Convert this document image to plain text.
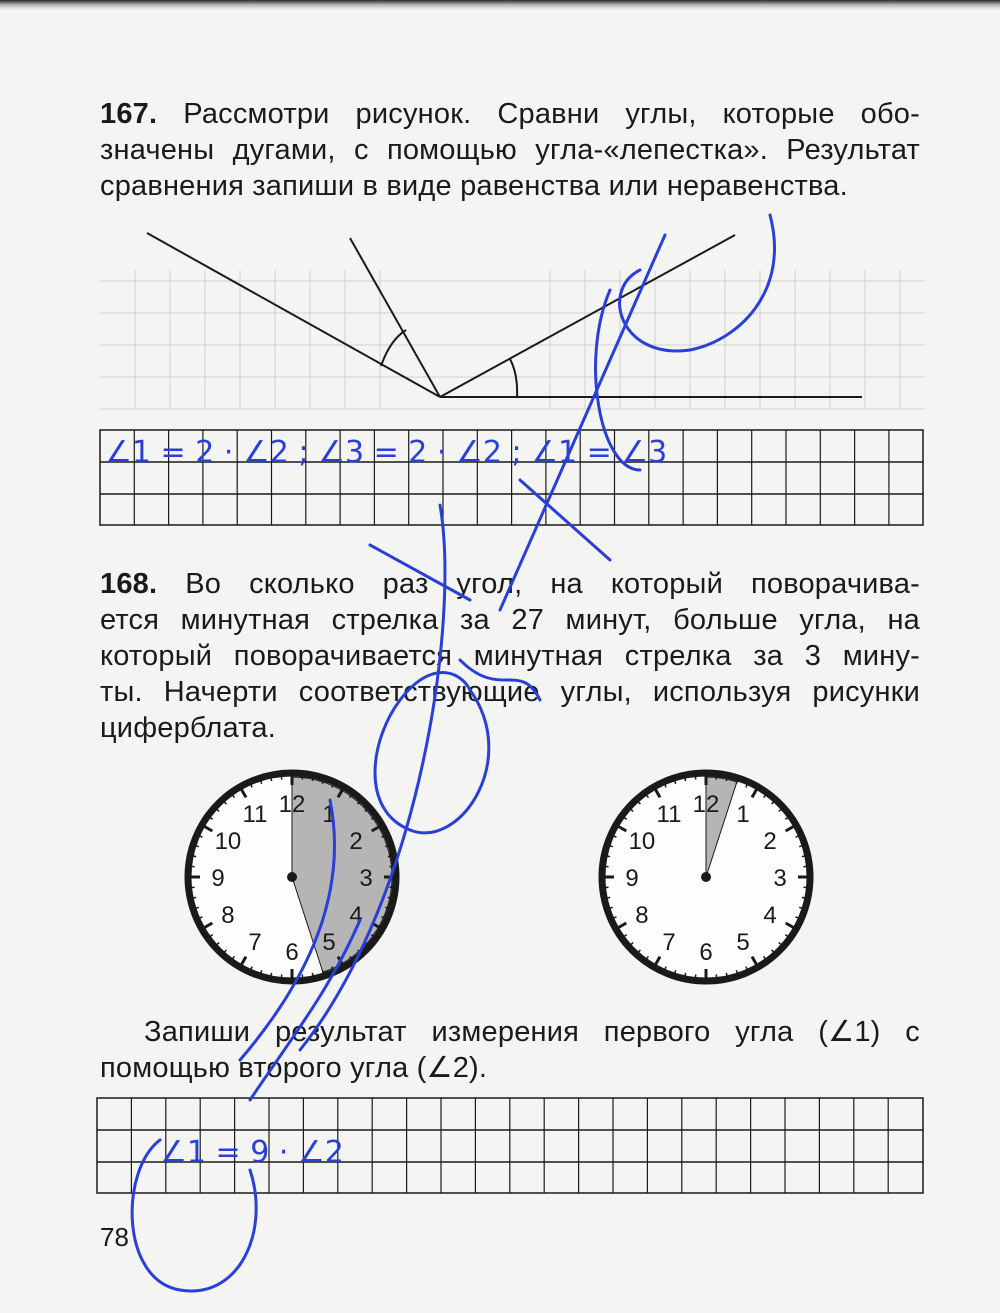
167. Рассмотри рисунок. Сравни углы, которые обо-
значены дугами, с помощью угла-«лепестка». Результат
сравнения запиши в виде равенства или неравенства.
168. Во сколько раз угол, на который поворачива-
ется минутная стрелка за 27 минут, больше угла, на
который поворачивается минутная стрелка за 3 мину-
ты. Начерти соответствующие углы, используя рисунки
циферблата.
Запиши результат измерения первого угла (∠1) с
помощью второго угла (∠2).
∠1 = 2 · ∠2 ; ∠3 = 2 · ∠2 ; ∠1 = ∠3
12 1
2
3
4
5
6
7
8
9
10
11	12 1
2
3
4
5
6
7
8
9
10
11
∠1 = 9 · ∠2
78
